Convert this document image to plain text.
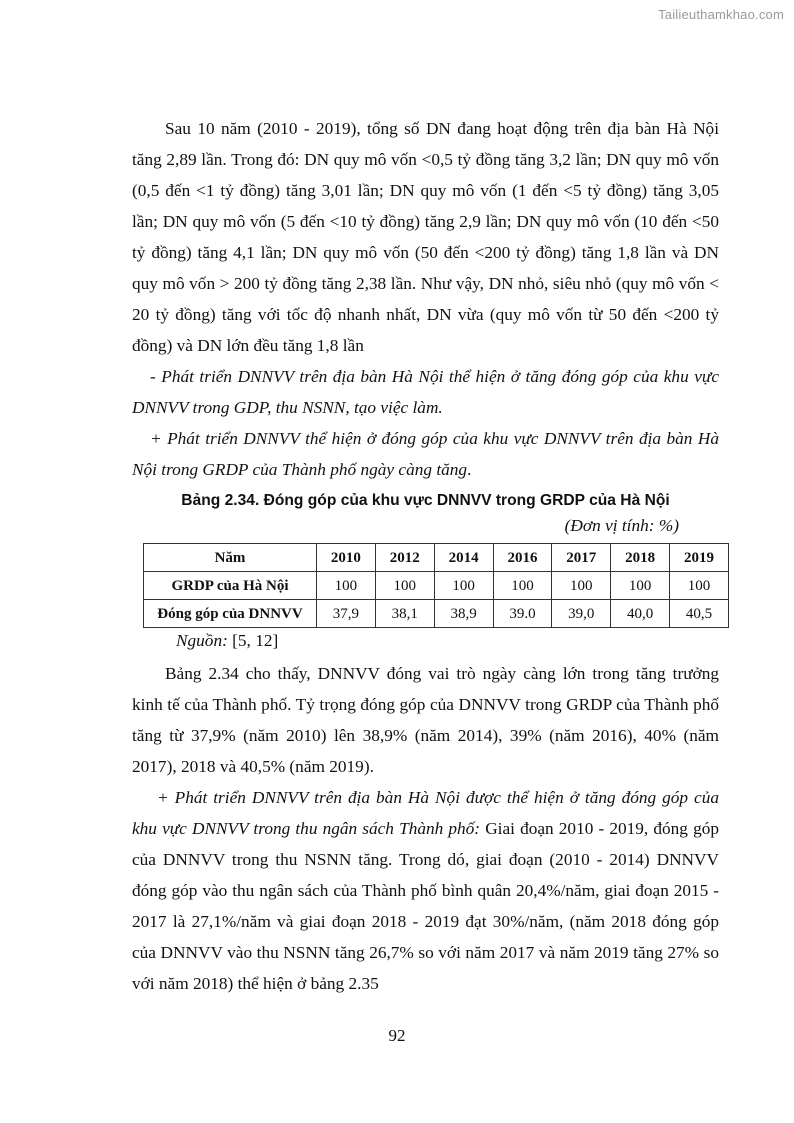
Tailieuthamkhao.com

Sau 10 năm (2010 - 2019), tổng số DN đang hoạt động trên địa bàn Hà Nội tăng 2,89 lần. Trong đó: DN quy mô vốn <0,5 tỷ đồng tăng 3,2 lần; DN quy mô vốn (0,5 đến <1 tỷ đồng) tăng 3,01 lần; DN quy mô vốn (1 đến <5 tỷ đồng) tăng 3,05 lần; DN quy mô vốn (5 đến <10 tỷ đồng) tăng 2,9 lần; DN quy mô vốn (10 đến <50 tỷ đồng) tăng 4,1 lần; DN quy mô vốn (50 đến <200 tỷ đồng) tăng 1,8 lần và DN quy mô vốn > 200 tỷ đồng tăng 2,38 lần. Như vậy, DN nhỏ, siêu nhỏ (quy mô vốn < 20 tỷ đồng) tăng với tốc độ nhanh nhất, DN vừa (quy mô vốn từ 50 đến <200 tỷ đồng) và DN lớn đều tăng 1,8 lần

- Phát triển DNNVV trên địa bàn Hà Nội thể hiện ở tăng đóng góp của khu vực DNNVV trong GDP, thu NSNN, tạo việc làm.

+ Phát triển DNNVV thể hiện ở đóng góp của khu vực DNNVV trên địa bàn Hà Nội trong GRDP của Thành phố ngày càng tăng.

Bảng 2.34. Đóng góp của khu vực DNNVV trong GRDP của Hà Nội
(Đơn vị tính: %)
Năm	2010	2012	2014	2016	2017	2018	2019
GRDP của Hà Nội	100	100	100	100	100	100	100
Đóng góp của DNNVV	37,9	38,1	38,9	39.0	39,0	40,0	40,5
Nguồn: [5, 12]

Bảng 2.34 cho thấy, DNNVV đóng vai trò ngày càng lớn trong tăng trưởng kinh tế của Thành phố. Tỷ trọng đóng góp của DNNVV trong GRDP của Thành phố tăng từ 37,9% (năm 2010) lên 38,9% (năm 2014), 39% (năm 2016), 40% (năm 2017), 2018 và 40,5% (năm 2019).

+ Phát triển DNNVV trên địa bàn Hà Nội được thể hiện ở tăng đóng góp của khu vực DNNVV trong thu ngân sách Thành phố: Giai đoạn 2010 - 2019, đóng góp của DNNVV trong thu NSNN tăng. Trong dó, giai đoạn (2010 - 2014) DNNVV đóng góp vào thu ngân sách của Thành phố bình quân 20,4%/năm, giai đoạn 2015 - 2017 là 27,1%/năm và giai đoạn 2018 - 2019 đạt 30%/năm, (năm 2018 đóng góp của DNNVV vào thu NSNN tăng 26,7% so với năm 2017 và năm 2019 tăng 27% so với năm 2018) thể hiện ở bảng 2.35

92
